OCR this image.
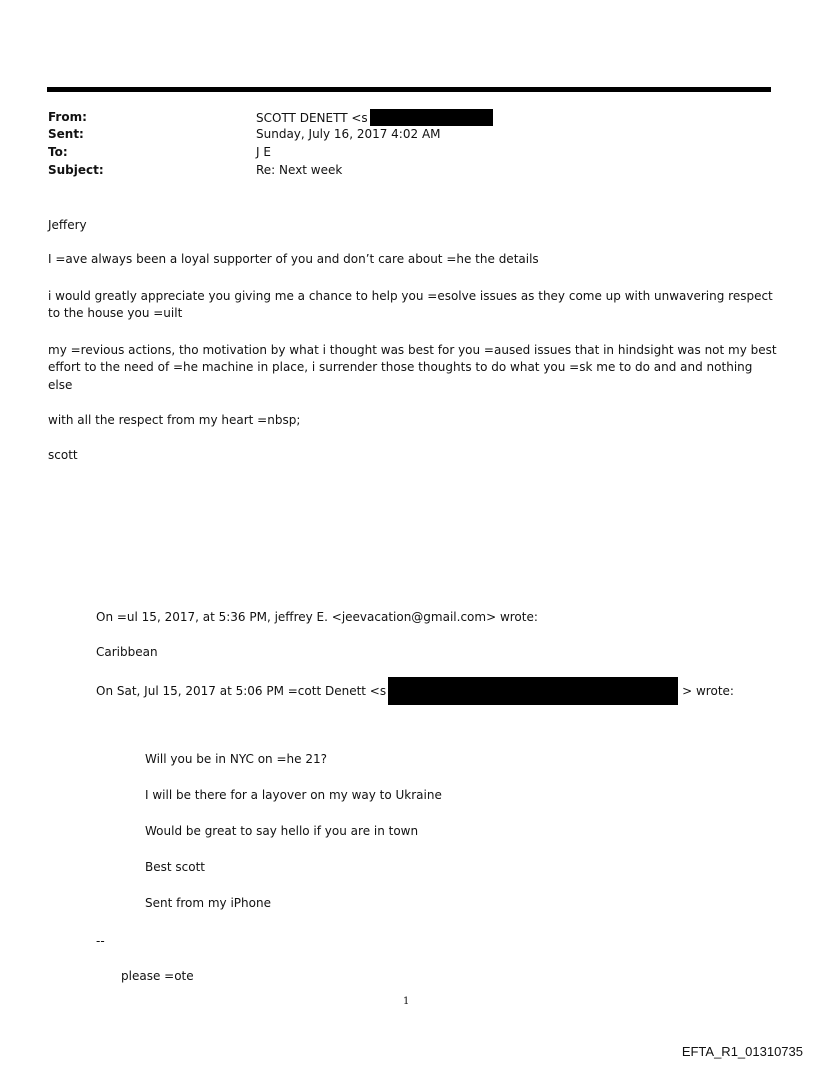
From:	SCOTT DENETT <s
Sent:	Sunday, July 16, 2017 4:02 AM
To:	J E
Subject:	Re: Next week
Jeffery
I =ave always been a loyal supporter of you and don’t care about =he the details
i would greatly appreciate you giving me a chance to help you =esolve issues as they come up with unwavering respect
to the house you =uilt
my =revious actions, tho motivation by what i thought was best for you =aused issues that in hindsight was not my best
effort to the need of =he machine in place, i surrender those thoughts to do what you =sk me to do and and nothing
else
with all the respect from my heart =nbsp;
scott
On =ul 15, 2017, at 5:36 PM, jeffrey E. <jeevacation@gmail.com> wrote:
Caribbean
On Sat, Jul 15, 2017 at 5:06 PM =cott Denett <s	> wrote:
Will you be in NYC on =he 21?
I will be there for a layover on my way to Ukraine
Would be great to say hello if you are in town
Best scott
Sent from my iPhone
--
please =ote
1
EFTA_R1_01310735
